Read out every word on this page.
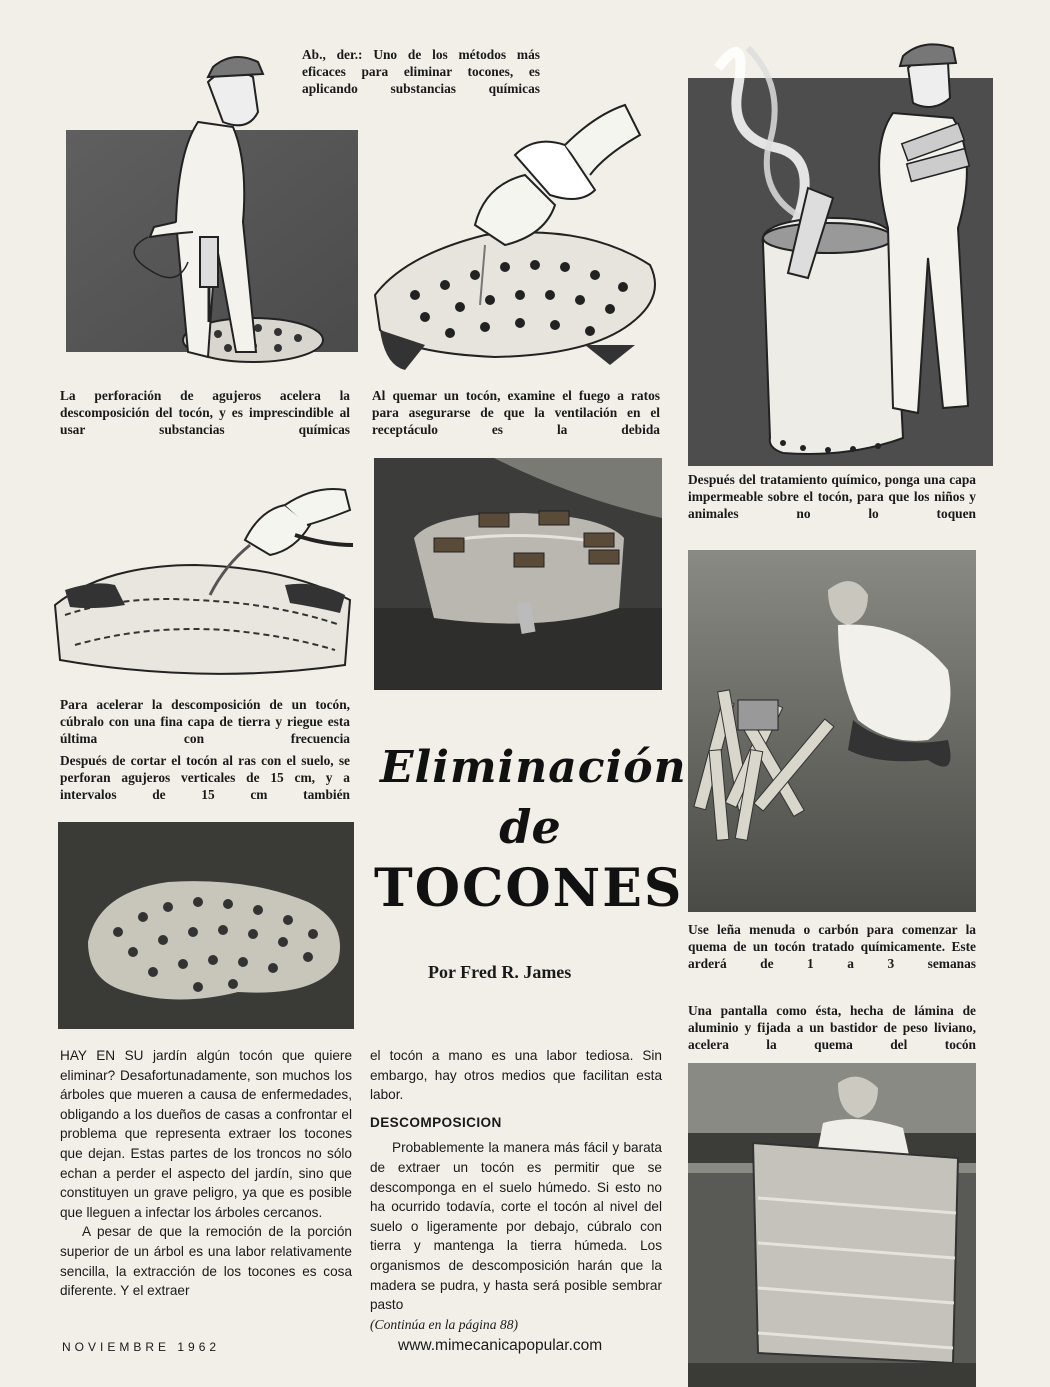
Ab., der.: Uno de los métodos más eficaces para eliminar tocones, es aplicando substancias químicas
La perforación de agujeros acelera la descomposición del tocón, y es imprescindible al usar substancias químicas
Al quemar un tocón, examine el fuego a ratos para asegurarse de que la ventilación en el receptáculo es la debida
Después del tratamiento químico, ponga una capa impermeable sobre el tocón, para que los niños y animales no lo toquen
Para acelerar la descomposición de un tocón, cúbralo con una fina capa de tierra y riegue esta última con frecuencia
Después de cortar el tocón al ras con el suelo, se perforan agujeros verticales de 15 cm, y a intervalos de 15 cm también
Eliminación
de
TOCONES
Por Fred R. James
Use leña menuda o carbón para comenzar la quema de un tocón tratado químicamente. Este arderá de 1 a 3 semanas
Una pantalla como ésta, hecha de lámina de aluminio y fijada a un bastidor de peso liviano, acelera la quema del tocón

HAY EN SU jardín algún tocón que quiere eliminar? Desafortunadamente, son muchos los árboles que mueren a causa de enfermedades, obligando a los dueños de casas a confrontar el problema que representa extraer los tocones que dejan. Estas partes de los troncos no sólo echan a perder el aspecto del jardín, sino que constituyen un grave peligro, ya que es posible que lleguen a infectar los árboles cercanos.

A pesar de que la remoción de la porción superior de un árbol es una labor relativamente sencilla, la extracción de los tocones es cosa diferente. Y el extraer

el tocón a mano es una labor tediosa. Sin embargo, hay otros medios que facilitan esta labor.

DESCOMPOSICION

Probablemente la manera más fácil y barata de extraer un tocón es permitir que se descomponga en el suelo húmedo. Si esto no ha ocurrido todavía, corte el tocón al nivel del suelo o ligeramente por debajo, cúbralo con tierra y mantenga la tierra húmeda. Los organismos de descomposición harán que la madera se pudra, y hasta será posible sembrar pasto

(Continúa en la página 88)
NOVIEMBRE 1962	www.mimecanicapopular.com
